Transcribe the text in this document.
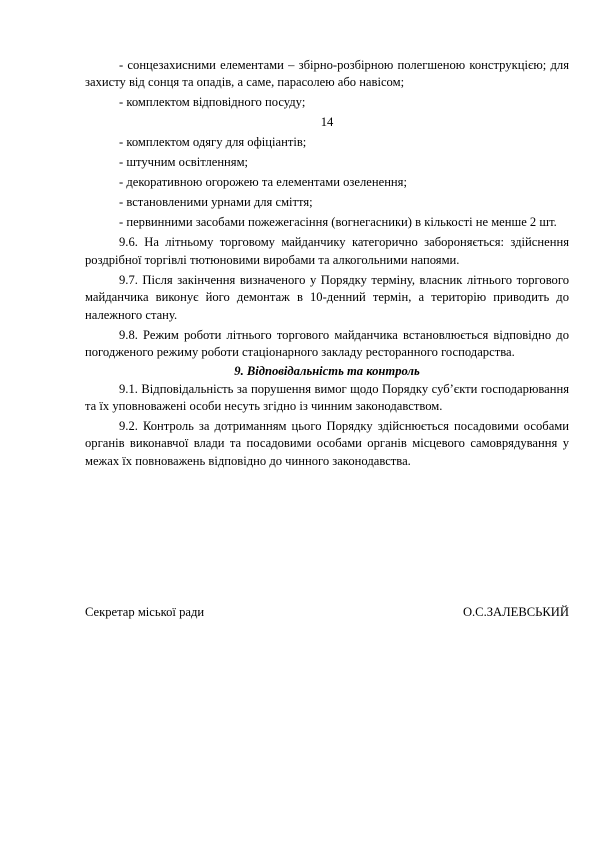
- сонцезахисними елементами – збірно-розбірною полегшеною конструкцією; для захисту від сонця та опадів, а саме, парасолею або навісом;

- комплектом відповідного посуду;

14

- комплектом одягу для офіціантів;

- штучним освітленням;

- декоративною огорожею та елементами озеленення;

- встановленими урнами для сміття;

- первинними засобами пожежегасіння (вогнегасники) в кількості не менше 2 шт.

9.6. На літньому торговому майданчику категорично забороняється: здійснення роздрібної торгівлі тютюновими виробами та алкогольними напоями.

9.7. Після закінчення визначеного у Порядку терміну, власник літнього торгового майданчика виконує його демонтаж в 10-денний термін, а територію приводить до належного стану.

9.8. Режим роботи літнього торгового майданчика встановлюється відповідно до погодженого режиму роботи стаціонарного закладу ресторанного господарства.

9. Відповідальність та контроль

9.1. Відповідальність за порушення вимог щодо Порядку суб’єкти господарювання та їх уповноважені особи несуть згідно із чинним законодавством.

9.2. Контроль за дотриманням цього Порядку здійснюється посадовими особами органів виконавчої влади та посадовими особами органів місцевого самоврядування у межах їх повноважень відповідно до чинного законодавства.

Секретар міської ради	О.С.ЗАЛЕВСЬКИЙ
